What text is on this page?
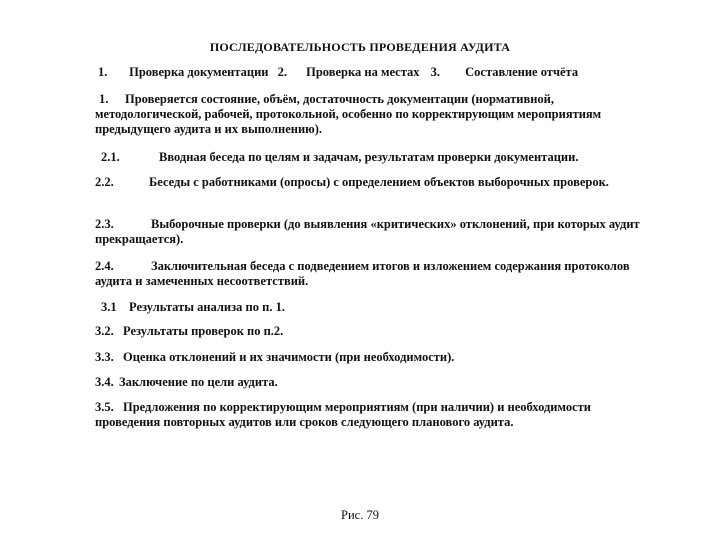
ПОСЛЕДОВАТЕЛЬНОСТЬ ПРОВЕДЕНИЯ АУДИТА
1. Проверка документации 2. Проверка на местах 3. Составление отчёта
1. Проверяется состояние, объём, достаточность документации (нормативной, методологической, рабочей, протокольной, особенно по корректирующим мероприятиям предыдущего аудита и их выполнению).
2.1.	Вводная беседа по целям и задачам, результатам проверки документации.
2.2.	Беседы с работниками (опросы) с определением объектов выборочных проверок.
2.3.	Выборочные проверки (до выявления «критических» отклонений, при которых аудит прекращается).
2.4.	Заключительная беседа с подведением итогов и изложением содержания протоколов аудита и замеченных несоответствий.
3.1 Результаты анализа по п. 1.
3.2. Результаты проверок по п.2.
3.3. Оценка отклонений и их значимости (при необходимости).
3.4. Заключение по цели аудита.
3.5. Предложения по корректирующим мероприятиям (при наличии) и необходимости проведения повторных аудитов или сроков следующего планового аудита.
Рис. 79
